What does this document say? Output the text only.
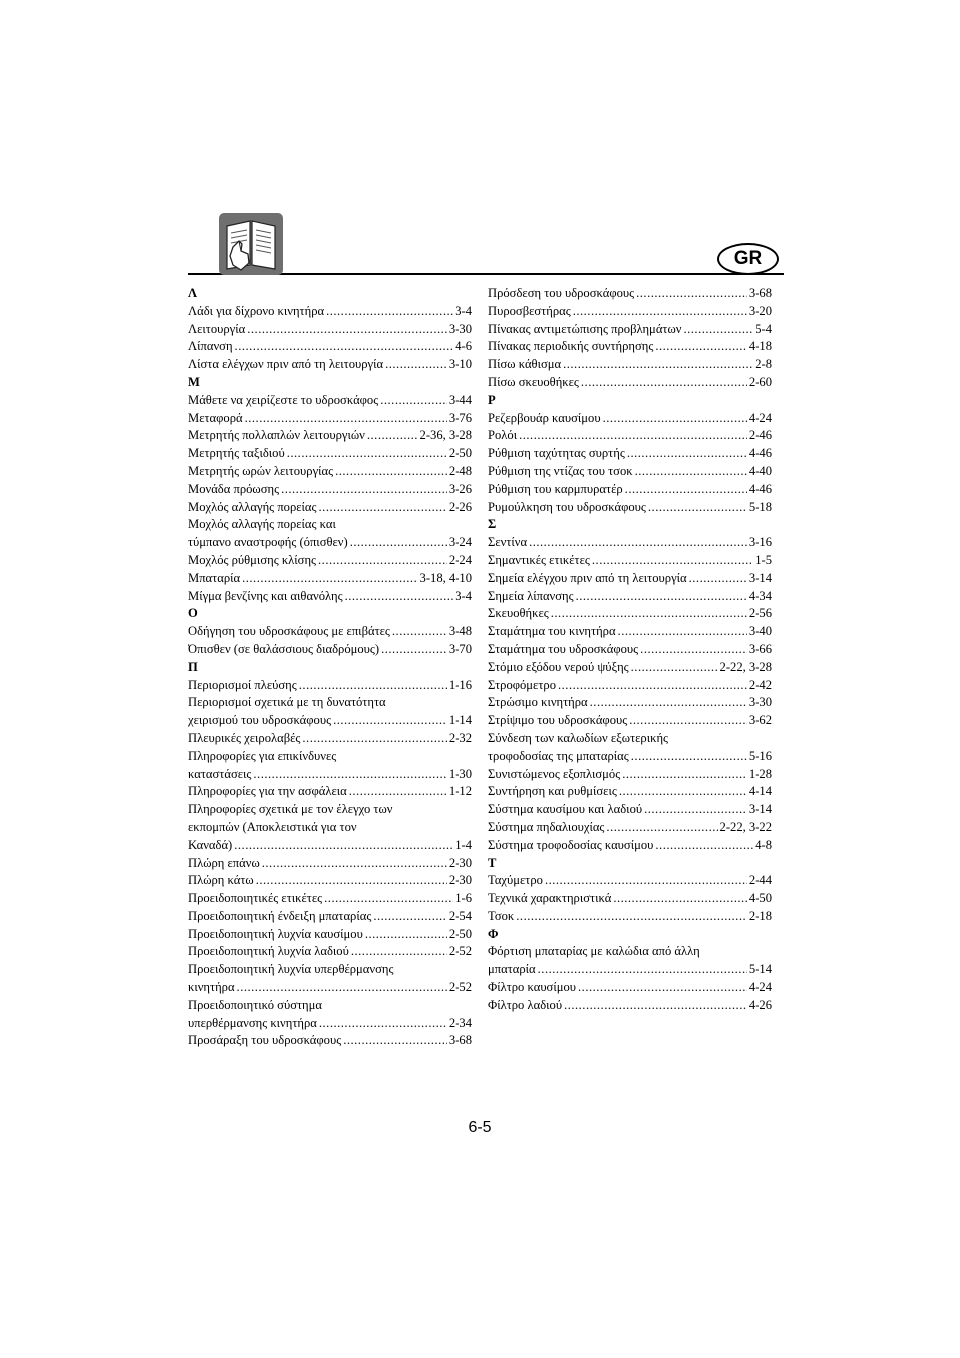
GR
Λ
Λάδι για δίχρονο κινητήρα .....	3-4
Λειτουργία .....	3-30
Λίπανση .....	4-6
Λίστα ελέγχων πριν από τη λειτουργία .....	3-10
Μ
Μάθετε να χειρίζεστε το υδροσκάφος .....	3-44
Μεταφορά .....	3-76
Μετρητής πολλαπλών λειτουργιών .....	2-36, 3-28
Μετρητής ταξιδιού .....	2-50
Μετρητής ωρών λειτουργίας .....	2-48
Μονάδα πρόωσης .....	3-26
Μοχλός αλλαγής πορείας .....	2-26
Μοχλός αλλαγής πορείας και
τύμπανο αναστροφής (όπισθεν) .....	3-24
Μοχλός ρύθμισης κλίσης .....	2-24
Μπαταρία .....	3-18, 4-10
Μίγμα βενζίνης και αιθανόλης .....	3-4
Ο
Οδήγηση του υδροσκάφους με επιβάτες .....	3-48
Όπισθεν (σε θαλάσσιους διαδρόμους) .....	3-70
Π
Περιορισμοί πλεύσης .....	1-16
Περιορισμοί σχετικά με τη δυνατότητα
χειρισμού του υδροσκάφους .....	1-14
Πλευρικές χειρολαβές .....	2-32
Πληροφορίες για επικίνδυνες
καταστάσεις .....	1-30
Πληροφορίες για την ασφάλεια .....	1-12
Πληροφορίες σχετικά με τον έλεγχο των
εκπομπών (Αποκλειστικά για τον
Καναδά) .....	1-4
Πλώρη επάνω .....	2-30
Πλώρη κάτω .....	2-30
Προειδοποιητικές ετικέτες .....	1-6
Προειδοποιητική ένδειξη μπαταρίας .....	2-54
Προειδοποιητική λυχνία καυσίμου .....	2-50
Προειδοποιητική λυχνία λαδιού .....	2-52
Προειδοποιητική λυχνία υπερθέρμανσης
κινητήρα .....	2-52
Προειδοποιητικό σύστημα
υπερθέρμανσης κινητήρα .....	2-34
Προσάραξη του υδροσκάφους .....	3-68
Πρόσδεση του υδροσκάφους .....	3-68
Πυροσβεστήρας .....	3-20
Πίνακας αντιμετώπισης προβλημάτων .....	5-4
Πίνακας περιοδικής συντήρησης .....	4-18
Πίσω κάθισμα .....	2-8
Πίσω σκευοθήκες .....	2-60
Ρ
Ρεζερβουάρ καυσίμου .....	4-24
Ρολόι .....	2-46
Ρύθμιση ταχύτητας συρτής .....	4-46
Ρύθμιση της ντίζας του τσοκ .....	4-40
Ρύθμιση του καρμπυρατέρ .....	4-46
Ρυμούλκηση του υδροσκάφους .....	5-18
Σ
Σεντίνα .....	3-16
Σημαντικές ετικέτες .....	1-5
Σημεία ελέγχου πριν από τη λειτουργία .....	3-14
Σημεία λίπανσης .....	4-34
Σκευοθήκες .....	2-56
Σταμάτημα του κινητήρα .....	3-40
Σταμάτημα του υδροσκάφους .....	3-66
Στόμιο εξόδου νερού ψύξης .....	2-22, 3-28
Στροφόμετρο .....	2-42
Στρώσιμο κινητήρα .....	3-30
Στρίψιμο του υδροσκάφους .....	3-62
Σύνδεση των καλωδίων εξωτερικής
τροφοδοσίας της μπαταρίας .....	5-16
Συνιστώμενος εξοπλισμός .....	1-28
Συντήρηση και ρυθμίσεις .....	4-14
Σύστημα καυσίμου και λαδιού .....	3-14
Σύστημα πηδαλιουχίας .....	2-22, 3-22
Σύστημα τροφοδοσίας καυσίμου .....	4-8
Τ
Ταχύμετρο .....	2-44
Τεχνικά χαρακτηριστικά .....	4-50
Τσοκ .....	2-18
Φ
Φόρτιση μπαταρίας με καλώδια από άλλη
μπαταρία .....	5-14
Φίλτρο καυσίμου .....	4-24
Φίλτρο λαδιού .....	4-26
6-5
